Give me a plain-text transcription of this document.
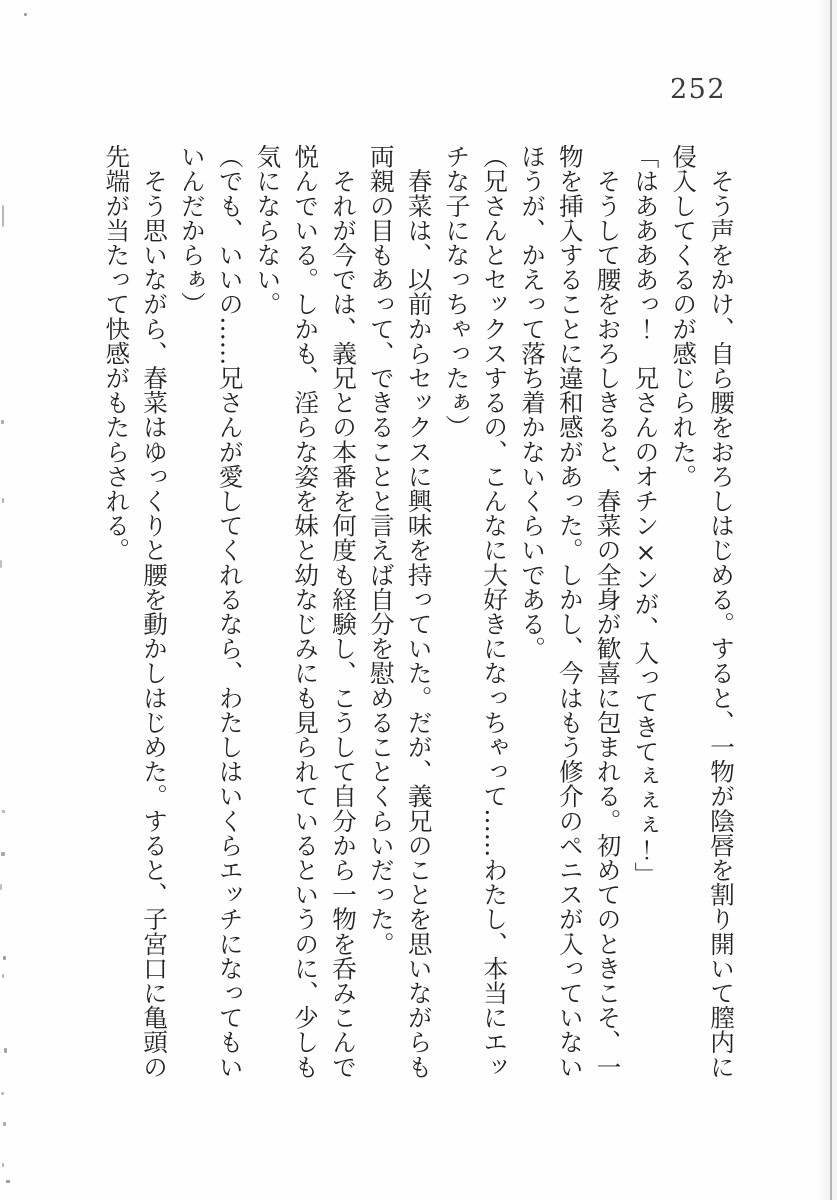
252
　そう声をかけ、自ら腰をおろしはじめる。すると、一物が陰唇を割り開いて膣内に
侵入してくるのが感じられた。
「はああああっ！　兄さんのオチン×ンが、入ってきてぇぇぇ！」
　そうして腰をおろしきると、春菜の全身が歓喜に包まれる。初めてのときこそ、一
物を挿入することに違和感があった。しかし、今はもう修介のペニスが入っていない
ほうが、かえって落ち着かないくらいである。
（兄さんとセックスするの、こんなに大好きになっちゃって……わたし、本当にエッ
チな子になっちゃったぁ）
　春菜は、以前からセックスに興味を持っていた。だが、義兄のことを思いながらも
両親の目もあって、できることと言えば自分を慰めることくらいだった。
　それが今では、義兄との本番を何度も経験し、こうして自分から一物を呑みこんで
悦んでいる。しかも、淫らな姿を妹と幼なじみにも見られているというのに、少しも
気にならない。
（でも、いいの……兄さんが愛してくれるなら、わたしはいくらエッチになってもい
いんだからぁ）
　そう思いながら、春菜はゆっくりと腰を動かしはじめた。すると、子宮口に亀頭の
先端が当たって快感がもたらされる。
